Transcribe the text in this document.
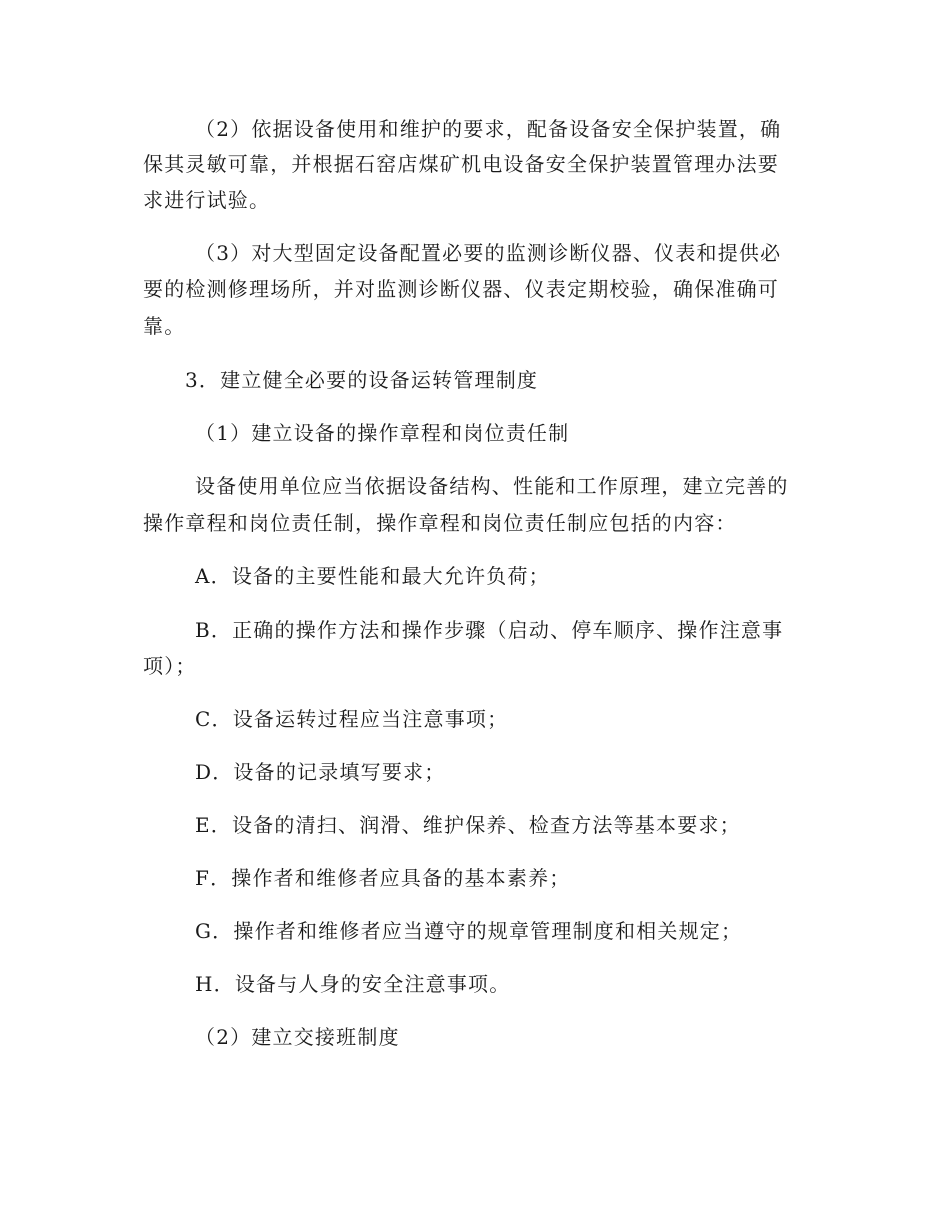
（2）依据设备使用和维护的要求，配备设备安全保护装置，确
保其灵敏可靠，并根据石窑店煤矿机电设备安全保护装置管理办法要
求进行试验。
（3）对大型固定设备配置必要的监测诊断仪器、仪表和提供必
要的检测修理场所，并对监测诊断仪器、仪表定期校验，确保准确可
靠。
3．建立健全必要的设备运转管理制度
（1）建立设备的操作章程和岗位责任制
设备使用单位应当依据设备结构、性能和工作原理，建立完善的
操作章程和岗位责任制，操作章程和岗位责任制应包括的内容：
A．设备的主要性能和最大允许负荷；
B．正确的操作方法和操作步骤（启动、停车顺序、操作注意事
项）；
C．设备运转过程应当注意事项；
D．设备的记录填写要求；
E．设备的清扫、润滑、维护保养、检查方法等基本要求；
F．操作者和维修者应具备的基本素养；
G．操作者和维修者应当遵守的规章管理制度和相关规定；
H．设备与人身的安全注意事项。
（2）建立交接班制度
